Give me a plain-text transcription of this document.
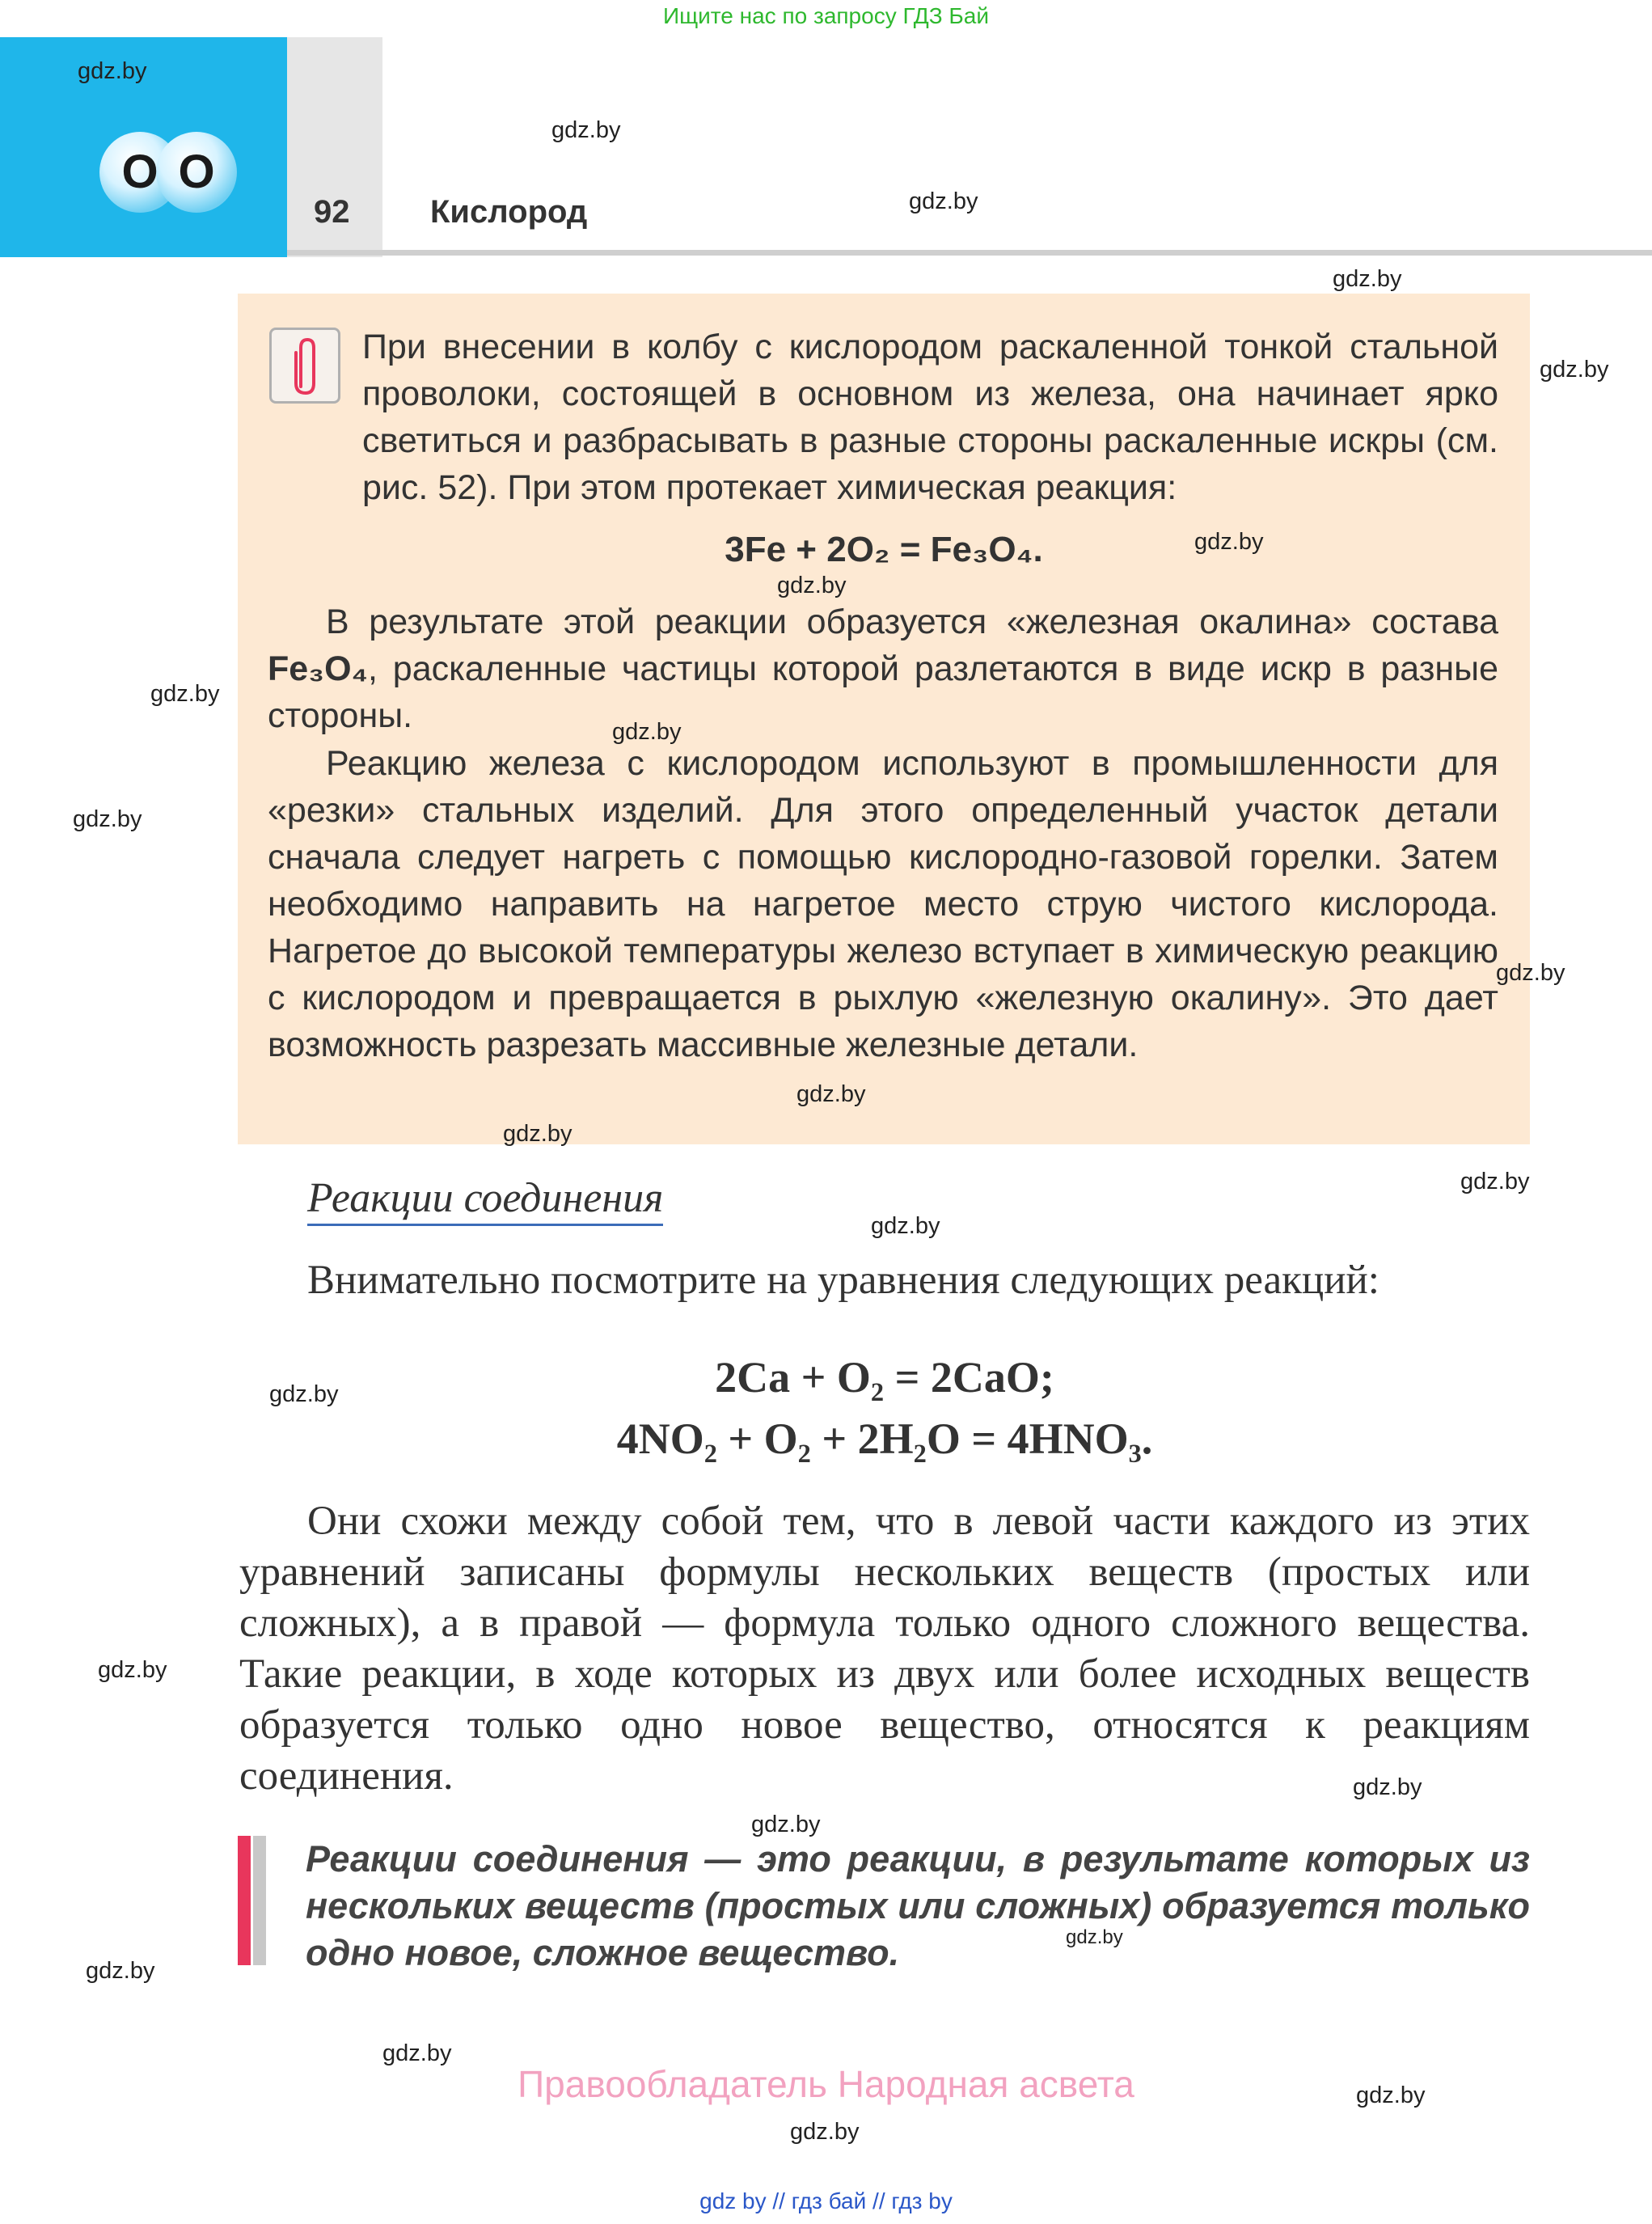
Ищите нас по запросу ГДЗ Бай
O O
92 Кислород
При внесении в колбу с кислородом раскаленной тонкой стальной проволоки, состоящей в основном из железа, она начинает ярко светиться и разбрасывать в разные стороны раскаленные искры (см. рис. 52). При этом протекает химическая реакция:
3Fe + 2O₂ = Fe₃O₄.
В результате этой реакции образуется «железная окалина» состава Fe₃O₄, раскаленные частицы которой разлетаются в виде искр в разные стороны.
Реакцию железа с кислородом используют в промышленности для «резки» стальных изделий. Для этого определенный участок детали сначала следует нагреть с помощью кислородно-газовой горелки. Затем необходимо направить на нагретое место струю чистого кислорода. Нагретое до высокой температуры железо вступает в химическую реакцию с кислородом и превращается в рыхлую «железную окалину». Это дает возможность разрезать массивные железные детали.
Реакции соединения
Внимательно посмотрите на уравнения следующих реакций:
2Ca + O₂ = 2CaO;
4NO₂ + O₂ + 2H₂O = 4HNO₃.
Они схожи между собой тем, что в левой части каждого из этих уравнений записаны формулы нескольких веществ (простых или сложных), а в правой — формула только одного сложного вещества. Такие реакции, в ходе которых из двух или более исходных веществ образуется только одно новое вещество, относятся к реакциям соединения.
Реакции соединения — это реакции, в результате которых из нескольких веществ (простых или сложных) образуется только одно новое, сложное вещество.
Правообладатель Народная асвета
gdz.by
gdz.by
gdz.by
gdz.by
gdz.by
gdz.by
gdz.by
gdz.by
gdz.by
gdz.by
gdz.by
gdz.by
gdz.by
gdz.by
gdz.by
gdz.by
gdz.by
gdz.by
gdz.by
gdz.by
gdz.by
gdz.by
gdz.by
gdz.by
gdz by // гдз бай // гдз by
